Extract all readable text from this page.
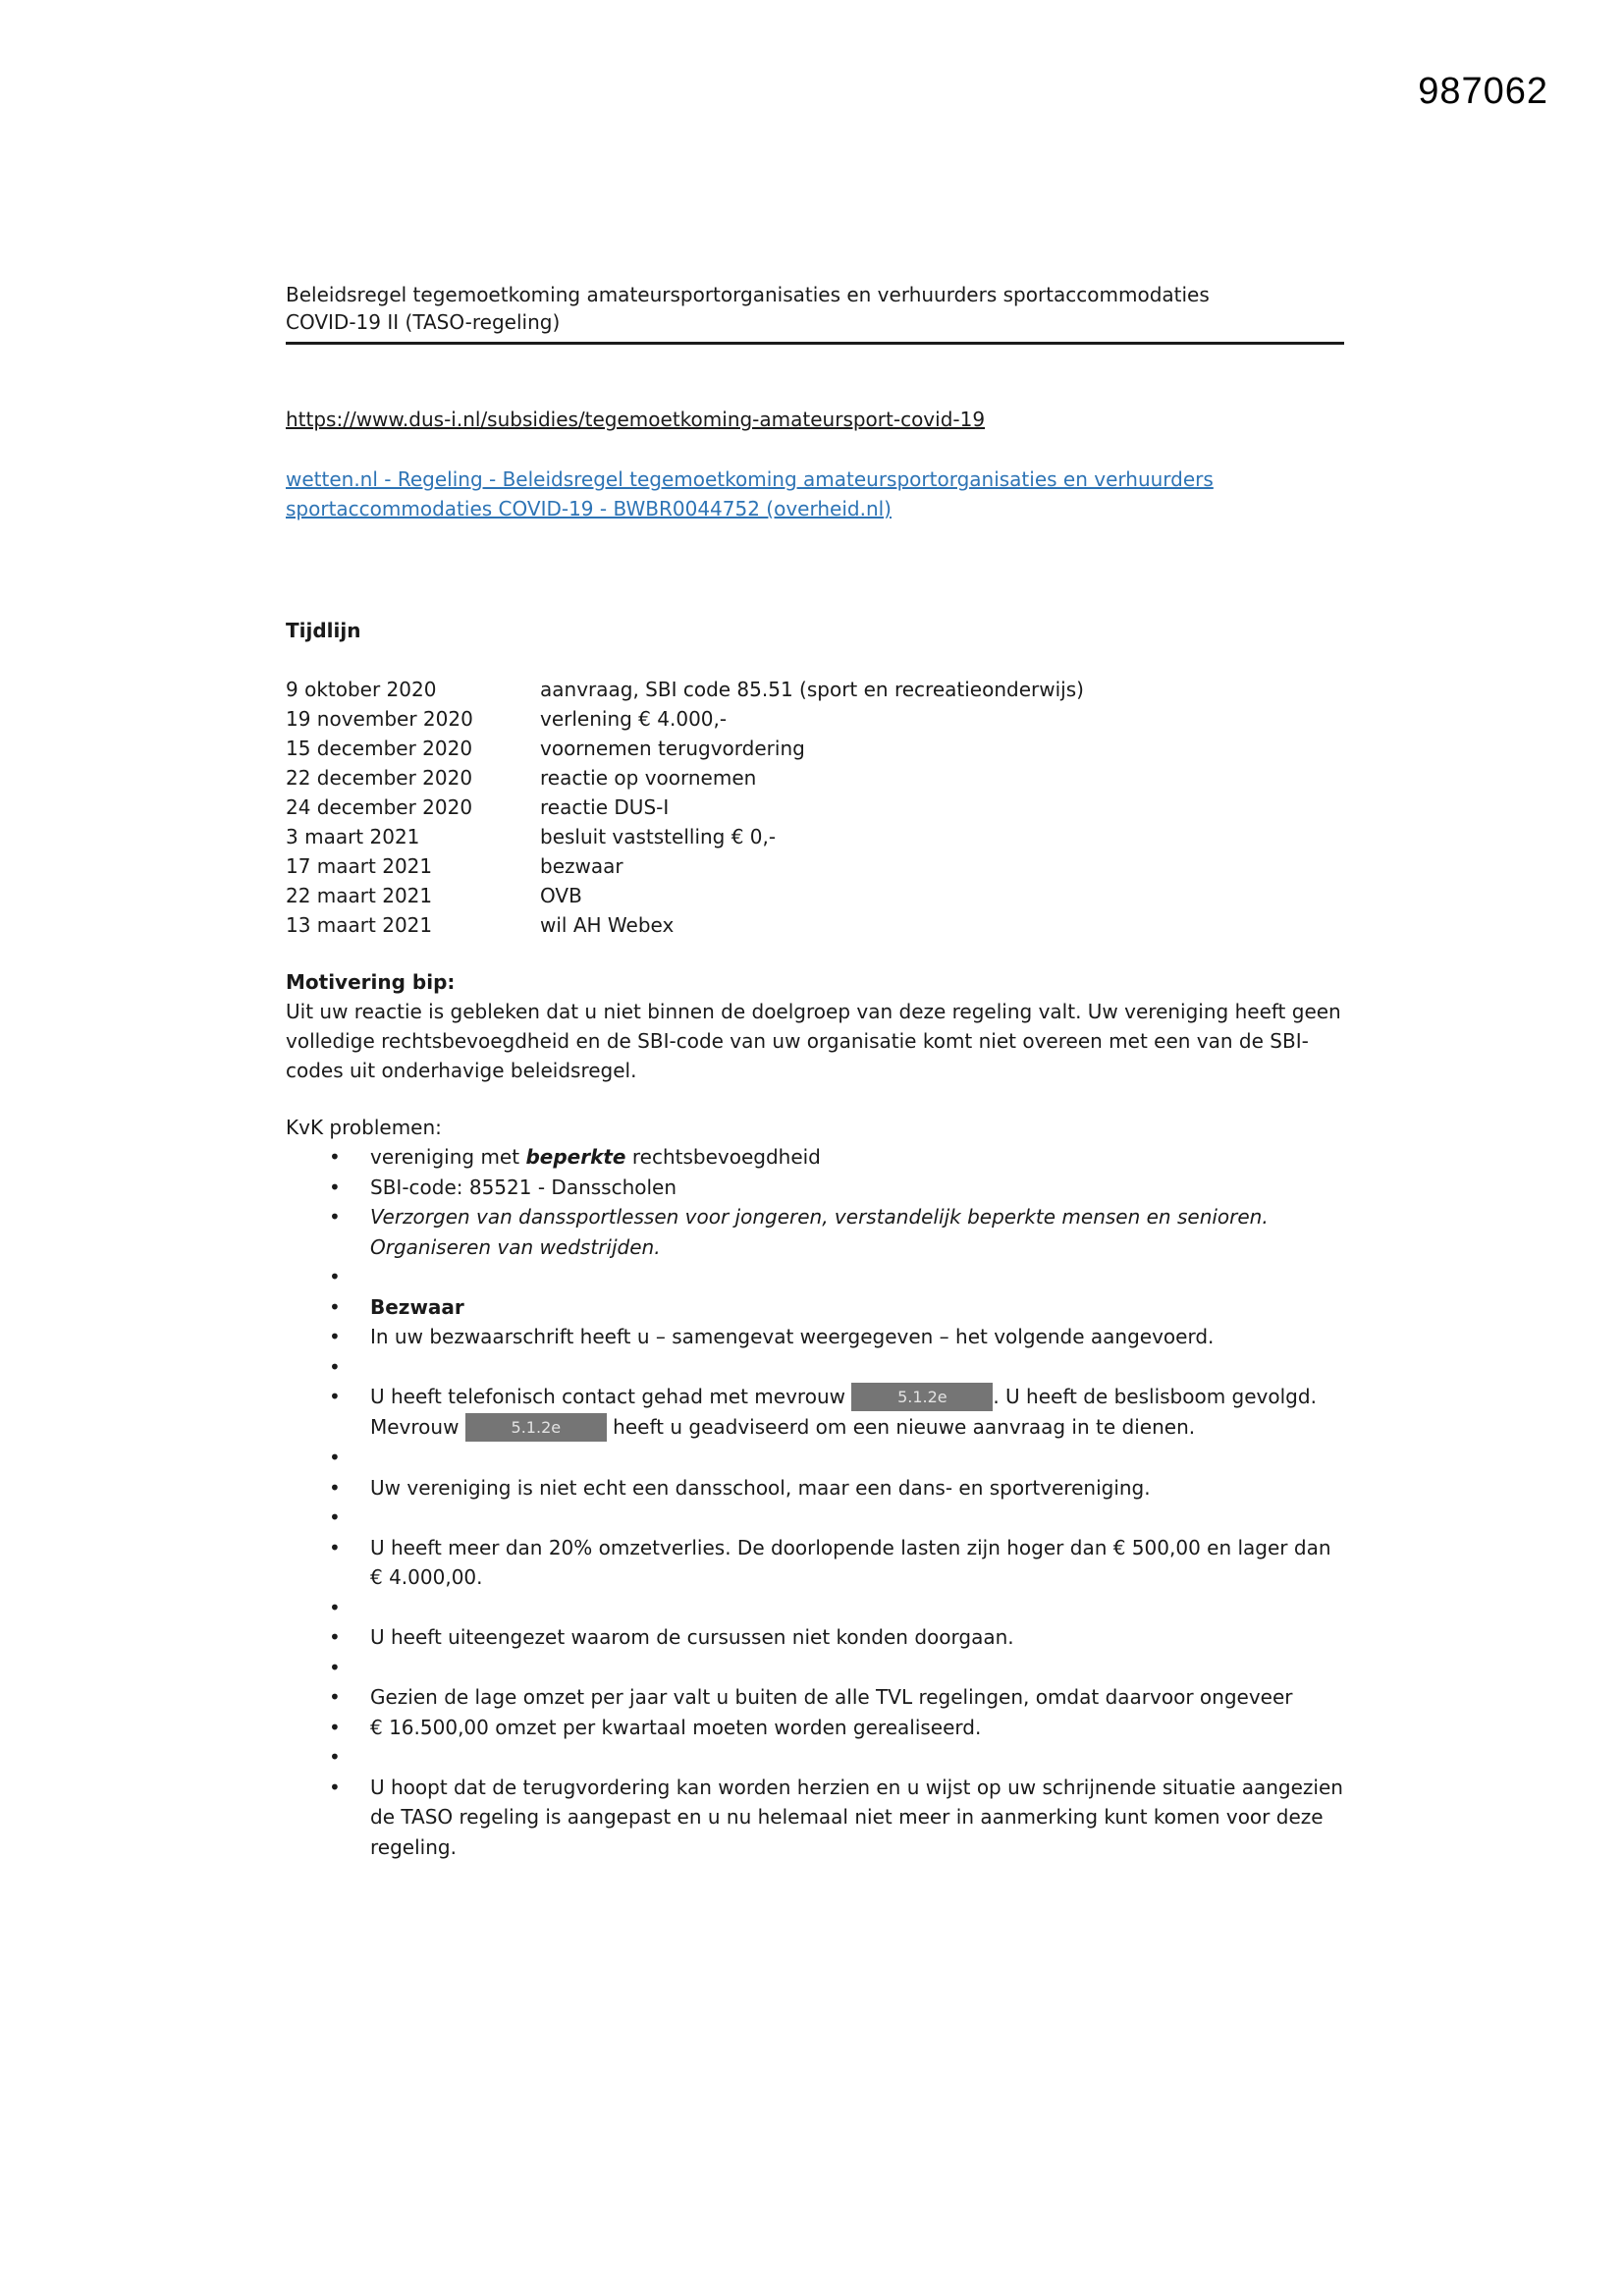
987062
Beleidsregel tegemoetkoming amateursportorganisaties en verhuurders sportaccommodaties
COVID-19 II (TASO-regeling)
https://www.dus-i.nl/subsidies/tegemoetkoming-amateursport-covid-19
wetten.nl - Regeling - Beleidsregel tegemoetkoming amateursportorganisaties en verhuurders sportaccommodaties COVID-19 - BWBR0044752 (overheid.nl)
Tijdlijn
9 oktober 2020	aanvraag, SBI code 85.51 (sport en recreatieonderwijs)
19 november 2020	verlening € 4.000,-
15 december 2020	voornemen terugvordering
22 december 2020	reactie op voornemen
24 december 2020	reactie DUS-I
3 maart 2021	besluit vaststelling € 0,-
17 maart 2021	bezwaar
22 maart 2021	OVB
13 maart 2021	wil AH Webex
Motivering bip:
Uit uw reactie is gebleken dat u niet binnen de doelgroep van deze regeling valt. Uw vereniging heeft geen volledige rechtsbevoegdheid en de SBI-code van uw organisatie komt niet overeen met een van de SBI-codes uit onderhavige beleidsregel.
KvK problemen:
• vereniging met beperkte rechtsbevoegdheid
• SBI-code: 85521 - Dansscholen
• Verzorgen van danssportlessen voor jongeren, verstandelijk beperkte mensen en senioren. Organiseren van wedstrijden.
•
• Bezwaar
• In uw bezwaarschrift heeft u – samengevat weergegeven – het volgende aangevoerd.
•
• U heeft telefonisch contact gehad met mevrouw	5.1.2e . U heeft de beslisboom gevolgd. Mevrouw	5.1.2e heeft u geadviseerd om een nieuwe aanvraag in te dienen.
•
• Uw vereniging is niet echt een dansschool, maar een dans- en sportvereniging.
•
• U heeft meer dan 20% omzetverlies. De doorlopende lasten zijn hoger dan € 500,00 en lager dan € 4.000,00.
•
• U heeft uiteengezet waarom de cursussen niet konden doorgaan.
•
• Gezien de lage omzet per jaar valt u buiten de alle TVL regelingen, omdat daarvoor ongeveer
• € 16.500,00 omzet per kwartaal moeten worden gerealiseerd.
•
• U hoopt dat de terugvordering kan worden herzien en u wijst op uw schrijnende situatie aangezien de TASO regeling is aangepast en u nu helemaal niet meer in aanmerking kunt komen voor deze regeling.
